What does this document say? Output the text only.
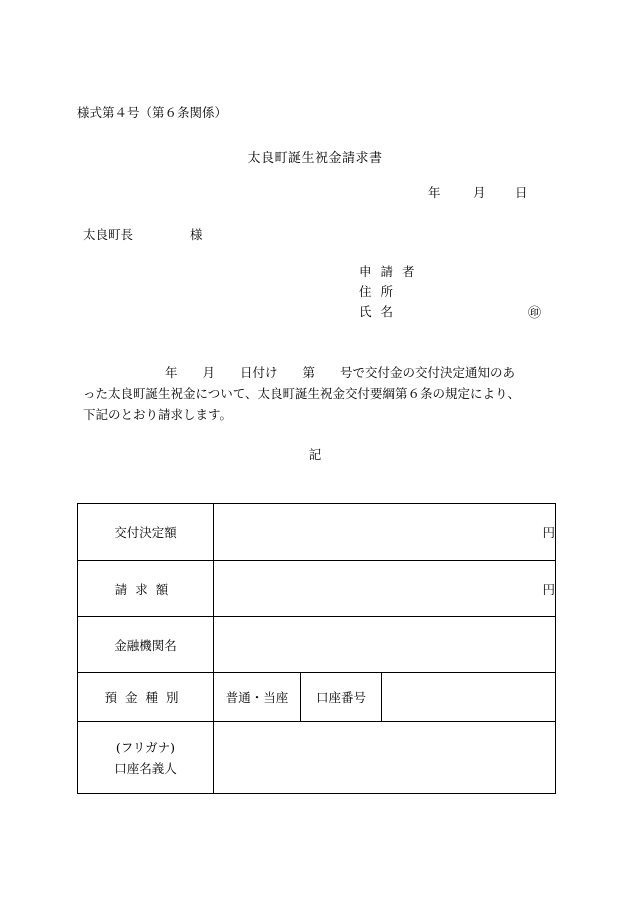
様式第４号（第６条関係）
太良町誕生祝金請求書
年	月 日
太良町長	様
申請者
住所
氏名	㊞

年　　月　　日付け　　第　　号で交付金の交付決定通知のあ

った太良町誕生祝金について、太良町誕生祝金交付要綱第６条の規定により、

下記のとおり請求します。

記
交付決定額	円		
請求額	円		
金融機関名			
預金種別	普通・当座	口座番号	

(フリガナ)
口座名義人			
